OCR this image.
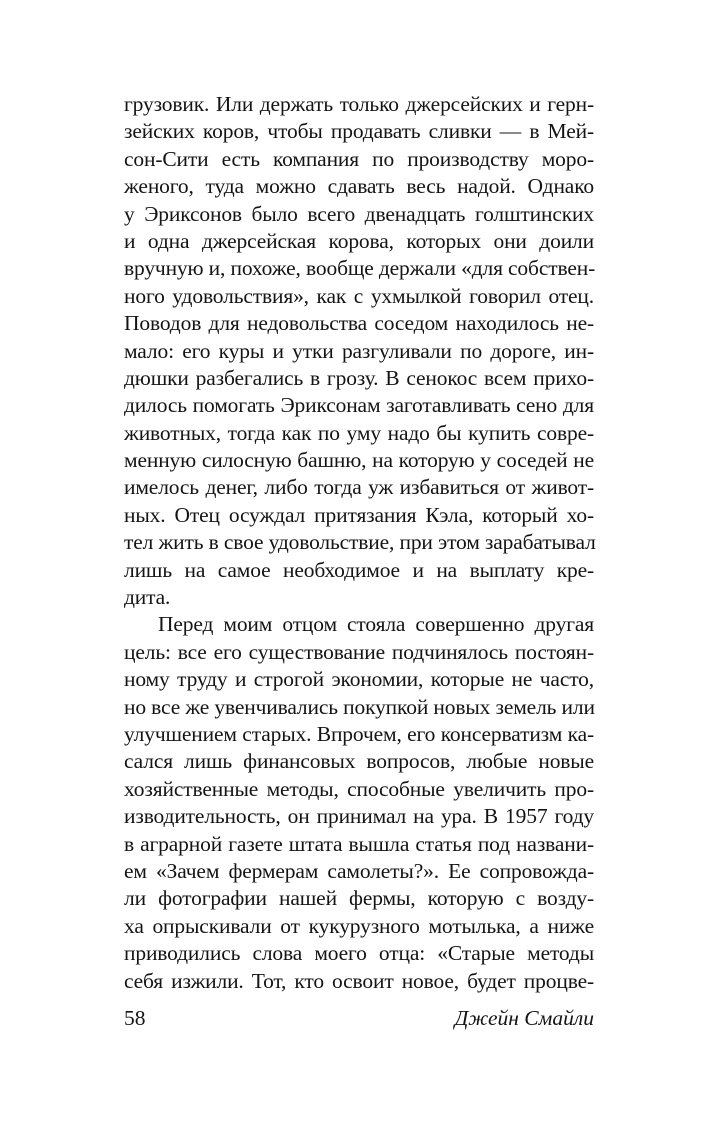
грузовик. Или держать только джерсейских и герн-
зейских коров, чтобы продавать сливки — в Мей-
сон-Сити есть компания по производству моро-
женого, туда можно сдавать весь надой. Однако
у Эриксонов было всего двенадцать голштинских
и одна джерсейская корова, которых они доили
вручную и, похоже, вообще держали «для собствен-
ного удовольствия», как с ухмылкой говорил отец.
Поводов для недовольства соседом находилось не-
мало: его куры и утки разгуливали по дороге, ин-
дюшки разбегались в грозу. В сенокос всем прихо-
дилось помогать Эриксонам заготавливать сено для
животных, тогда как по уму надо бы купить совре-
менную силосную башню, на которую у соседей не
имелось денег, либо тогда уж избавиться от живот-
ных. Отец осуждал притязания Кэла, который хо-
тел жить в свое удовольствие, при этом зарабатывал
лишь на самое необходимое и на выплату кре-
дита.
Перед моим отцом стояла совершенно другая
цель: все его существование подчинялось постоян-
ному труду и строгой экономии, которые не часто,
но все же увенчивались покупкой новых земель или
улучшением старых. Впрочем, его консерватизм ка-
сался лишь финансовых вопросов, любые новые
хозяйственные методы, способные увеличить про-
изводительность, он принимал на ура. В 1957 году
в аграрной газете штата вышла статья под названи-
ем «Зачем фермерам самолеты?». Ее сопровожда-
ли фотографии нашей фермы, которую с возду-
ха опрыскивали от кукурузного мотылька, а ниже
приводились слова моего отца: «Старые методы
себя изжили. Тот, кто освоит новое, будет процве-
58	Джейн Смайли
